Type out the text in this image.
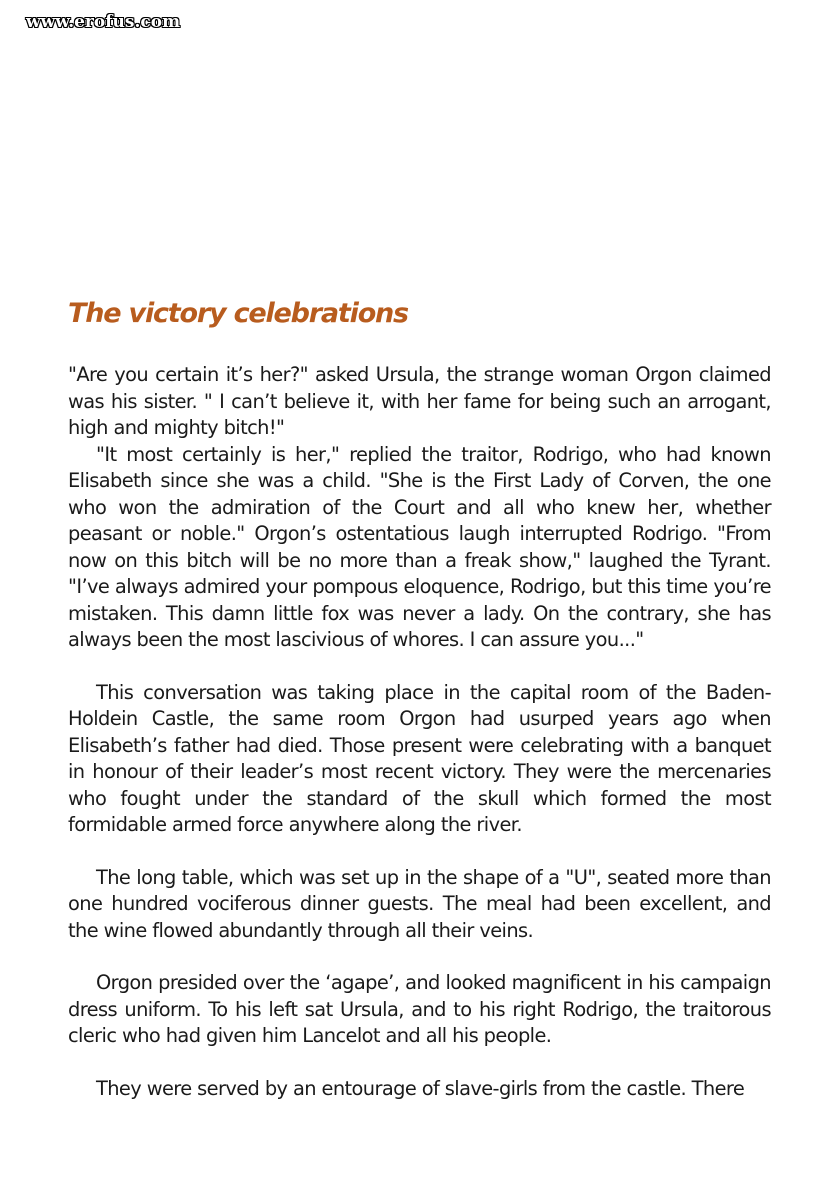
www.erofus.com
The victory celebrations

"Are you certain it’s her?" asked Ursula, the strange woman Orgon claimed was his sister. " I can’t believe it, with her fame for being such an arrogant, high and mighty bitch!"

"It most certainly is her," replied the traitor, Rodrigo, who had known Elisabeth since she was a child. "She is the First Lady of Corven, the one who won the admiration of the Court and all who knew her, whether peasant or noble." Orgon’s ostentatious laugh interrupted Rodrigo. "From now on this bitch will be no more than a freak show," laughed the Tyrant. "I’ve always admired your pompous eloquence, Rodrigo, but this time you’re mistaken. This damn little fox was never a lady. On the contrary, she has always been the most lascivious of whores. I can assure you..."

This conversation was taking place in the capital room of the Baden-Holdein Castle, the same room Orgon had usurped years ago when Elisabeth’s father had died. Those present were celebrating with a banquet in honour of their leader’s most recent victory. They were the mercenaries who fought under the standard of the skull which formed the most formidable armed force anywhere along the river.

The long table, which was set up in the shape of a "U", seated more than one hundred vociferous dinner guests. The meal had been excellent, and the wine flowed abundantly through all their veins.

Orgon presided over the ‘agape’, and looked magnificent in his campaign dress uniform. To his left sat Ursula, and to his right Rodrigo, the traitorous cleric who had given him Lancelot and all his people.

They were served by an entourage of slave-girls from the castle. There
